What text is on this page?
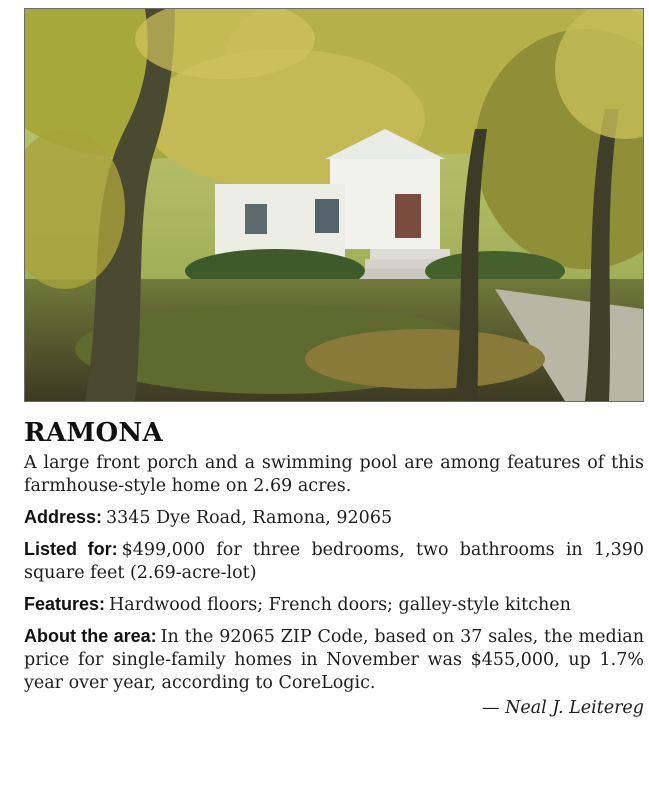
RAMONA

A large front porch and a swimming pool are among features of this farmhouse-style home on 2.69 acres.

Address: 3345 Dye Road, Ramona, 92065

Listed for: $499,000 for three bedrooms, two bathrooms in 1,390 square feet (2.69-acre-lot)

Features: Hardwood floors; French doors; galley-style kitchen

About the area: In the 92065 ZIP Code, based on 37 sales, the median price for single-family homes in November was $455,000, up 1.7% year over year, according to CoreLogic.

— Neal J. Leitereg
